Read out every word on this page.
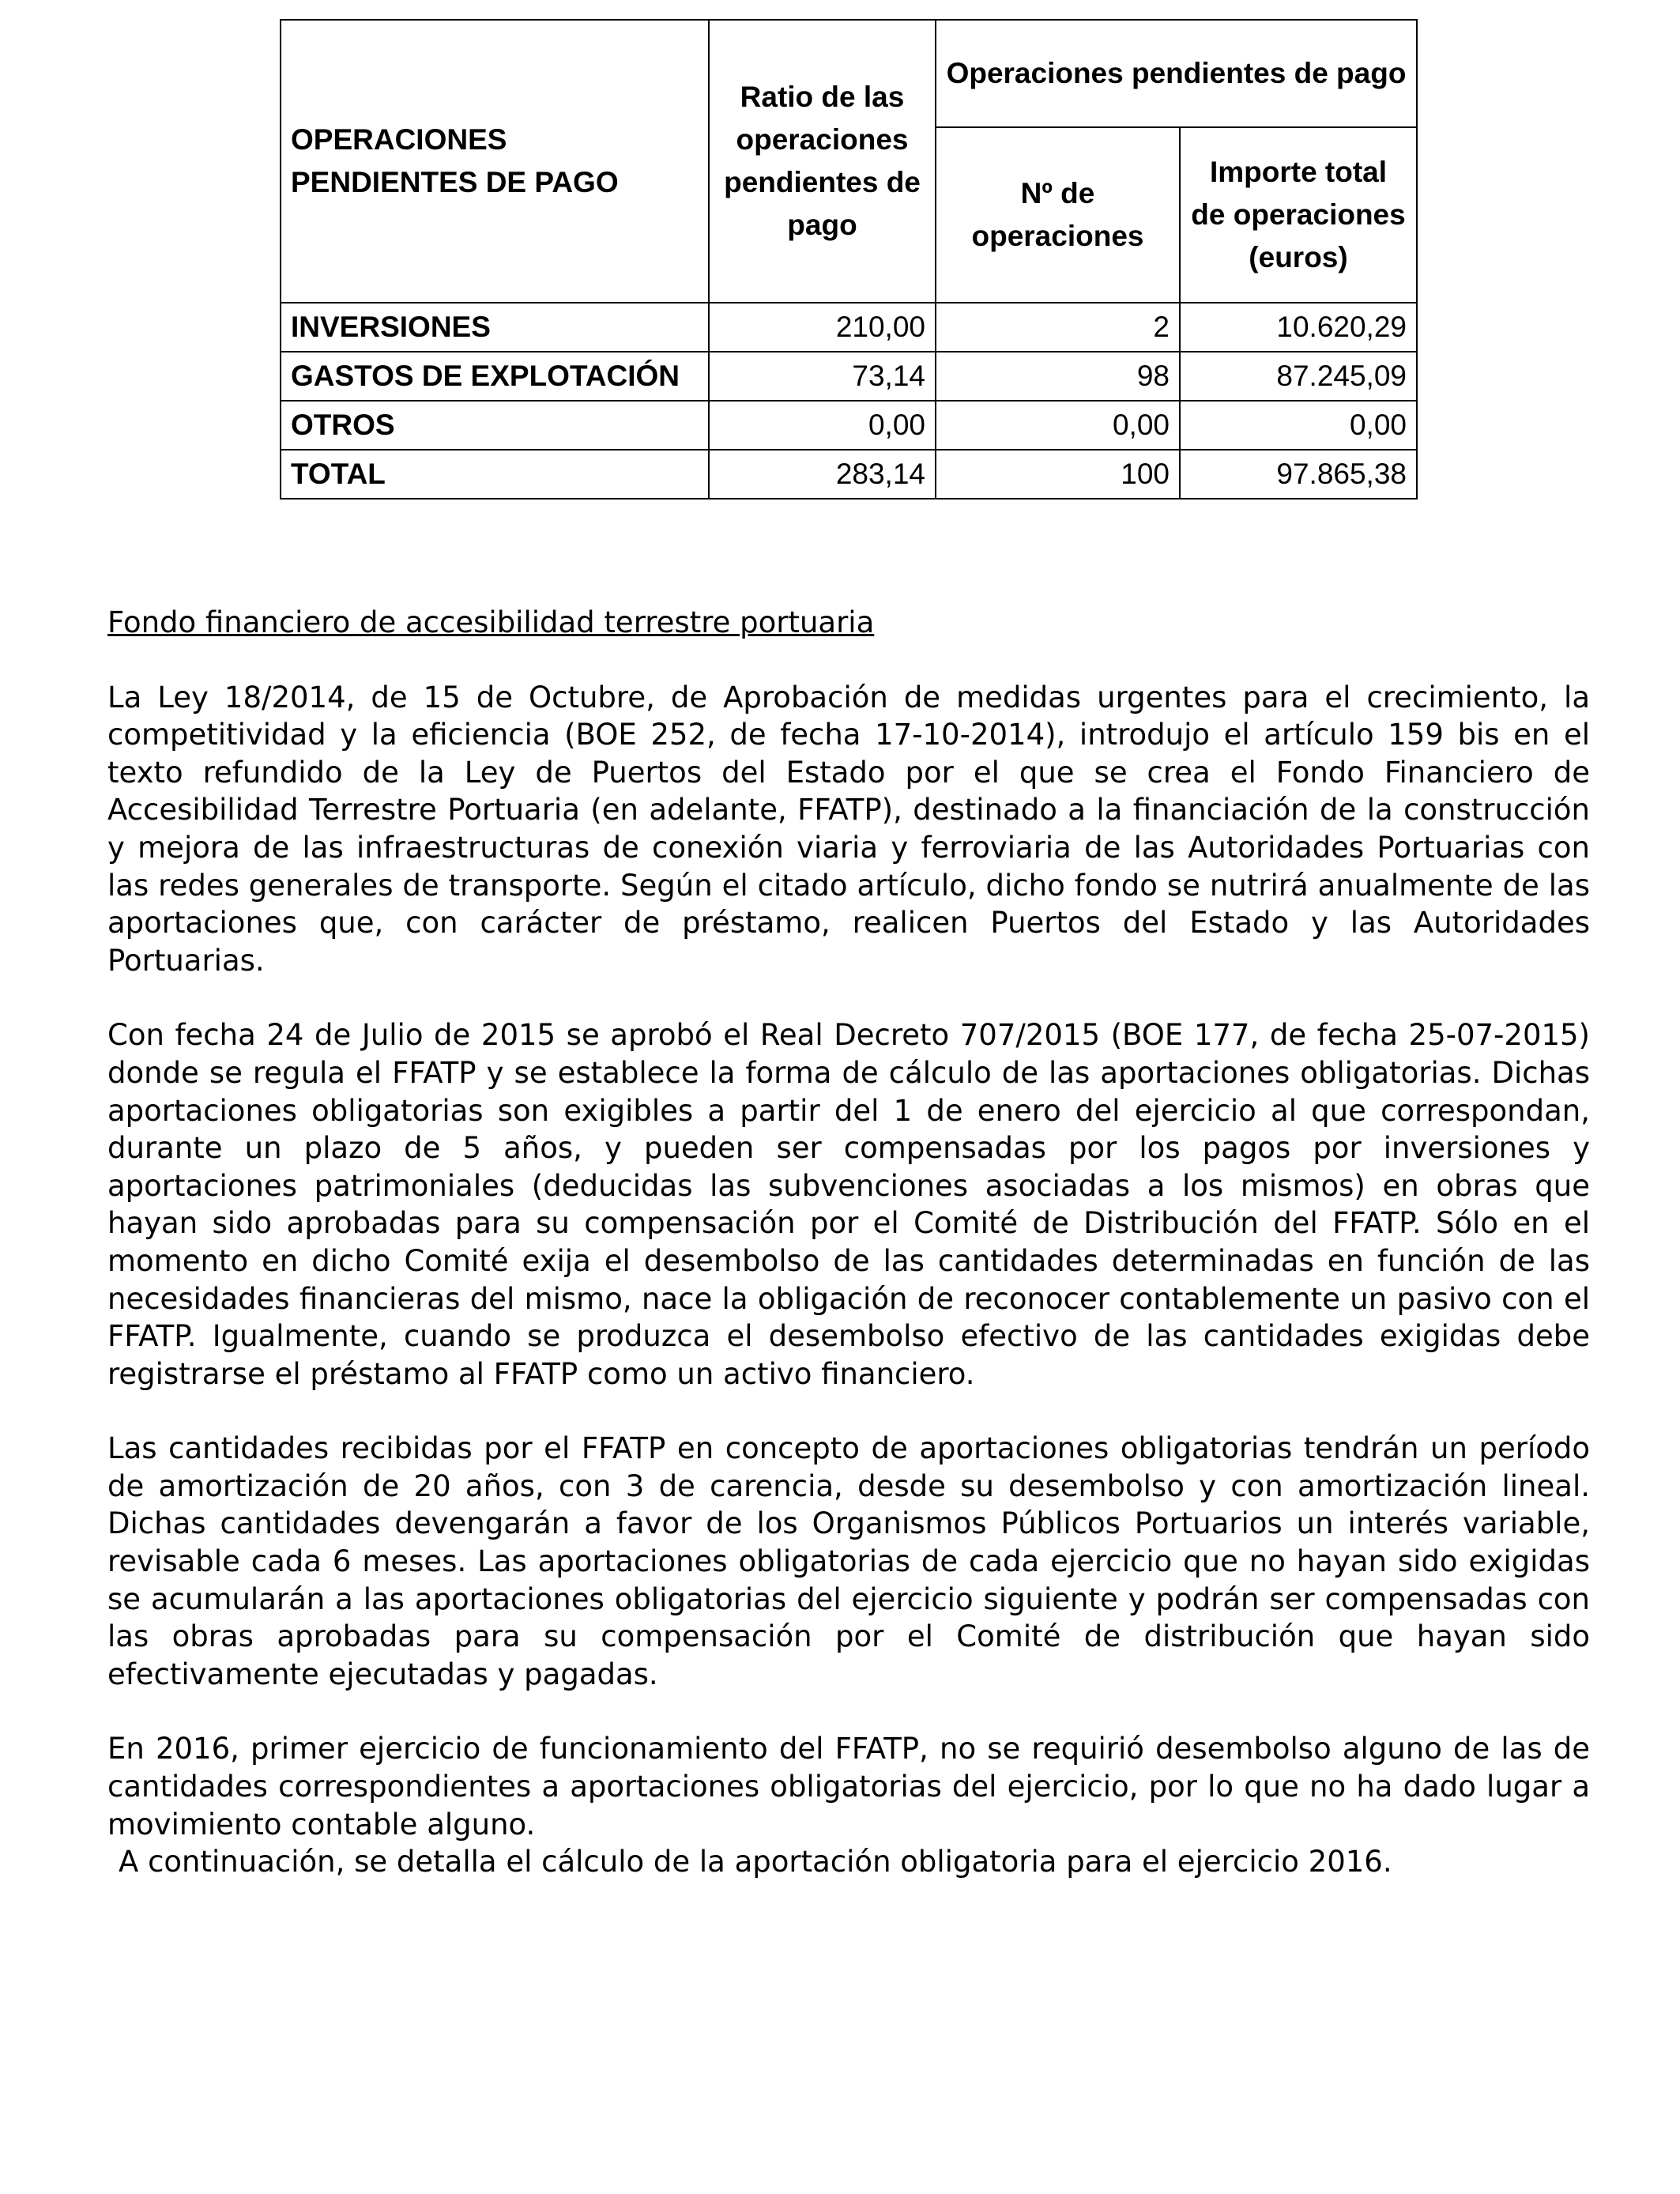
OPERACIONES PENDIENTES DE PAGO	Ratio de las operaciones pendientes de pago	Operaciones pendientes de pago	
		Nº de operaciones	Importe total de operaciones (euros)
INVERSIONES	210,00	2	10.620,29
GASTOS DE EXPLOTACIÓN	73,14	98	87.245,09
OTROS	0,00	0,00	0,00
TOTAL	283,14	100	97.865,38
Fondo financiero de accesibilidad terrestre portuaria

La Ley 18/2014, de 15 de Octubre, de Aprobación de medidas urgentes para el crecimiento, la competitividad y la eficiencia (BOE 252, de fecha 17-10-2014), introdujo el artículo 159 bis en el texto refundido de la Ley de Puertos del Estado por el que se crea el Fondo Financiero de Accesibilidad Terrestre Portuaria (en adelante, FFATP), destinado a la financiación de la construcción y mejora de las infraestructuras de conexión viaria y ferroviaria de las Autoridades Portuarias con las redes generales de transporte. Según el citado artículo, dicho fondo se nutrirá anualmente de las aportaciones que, con carácter de préstamo, realicen Puertos del Estado y las Autoridades Portuarias.

Con fecha 24 de Julio de 2015 se aprobó el Real Decreto 707/2015 (BOE 177, de fecha 25-07-2015) donde se regula el FFATP y se establece la forma de cálculo de las aportaciones obligatorias. Dichas aportaciones obligatorias son exigibles a partir del 1 de enero del ejercicio al que correspondan, durante un plazo de 5 años, y pueden ser compensadas por los pagos por inversiones y aportaciones patrimoniales (deducidas las subvenciones asociadas a los mismos) en obras que hayan sido aprobadas para su compensación por el Comité de Distribución del FFATP. Sólo en el momento en dicho Comité exija el desembolso de las cantidades determinadas en función de las necesidades financieras del mismo, nace la obligación de reconocer contablemente un pasivo con el FFATP. Igualmente, cuando se produzca el desembolso efectivo de las cantidades exigidas debe registrarse el préstamo al FFATP como un activo financiero.

Las cantidades recibidas por el FFATP en concepto de aportaciones obligatorias tendrán un período de amortización de 20 años, con 3 de carencia, desde su desembolso y con amortización lineal. Dichas cantidades devengarán a favor de los Organismos Públicos Portuarios un interés variable, revisable cada 6 meses. Las aportaciones obligatorias de cada ejercicio que no hayan sido exigidas se acumularán a las aportaciones obligatorias del ejercicio siguiente y podrán ser compensadas con las obras aprobadas para su compensación por el Comité de distribución que hayan sido efectivamente ejecutadas y pagadas.

En 2016, primer ejercicio de funcionamiento del FFATP, no se requirió desembolso alguno de las de cantidades correspondientes a aportaciones obligatorias del ejercicio, por lo que no ha dado lugar a movimiento contable alguno.

A continuación, se detalla el cálculo de la aportación obligatoria para el ejercicio 2016.
